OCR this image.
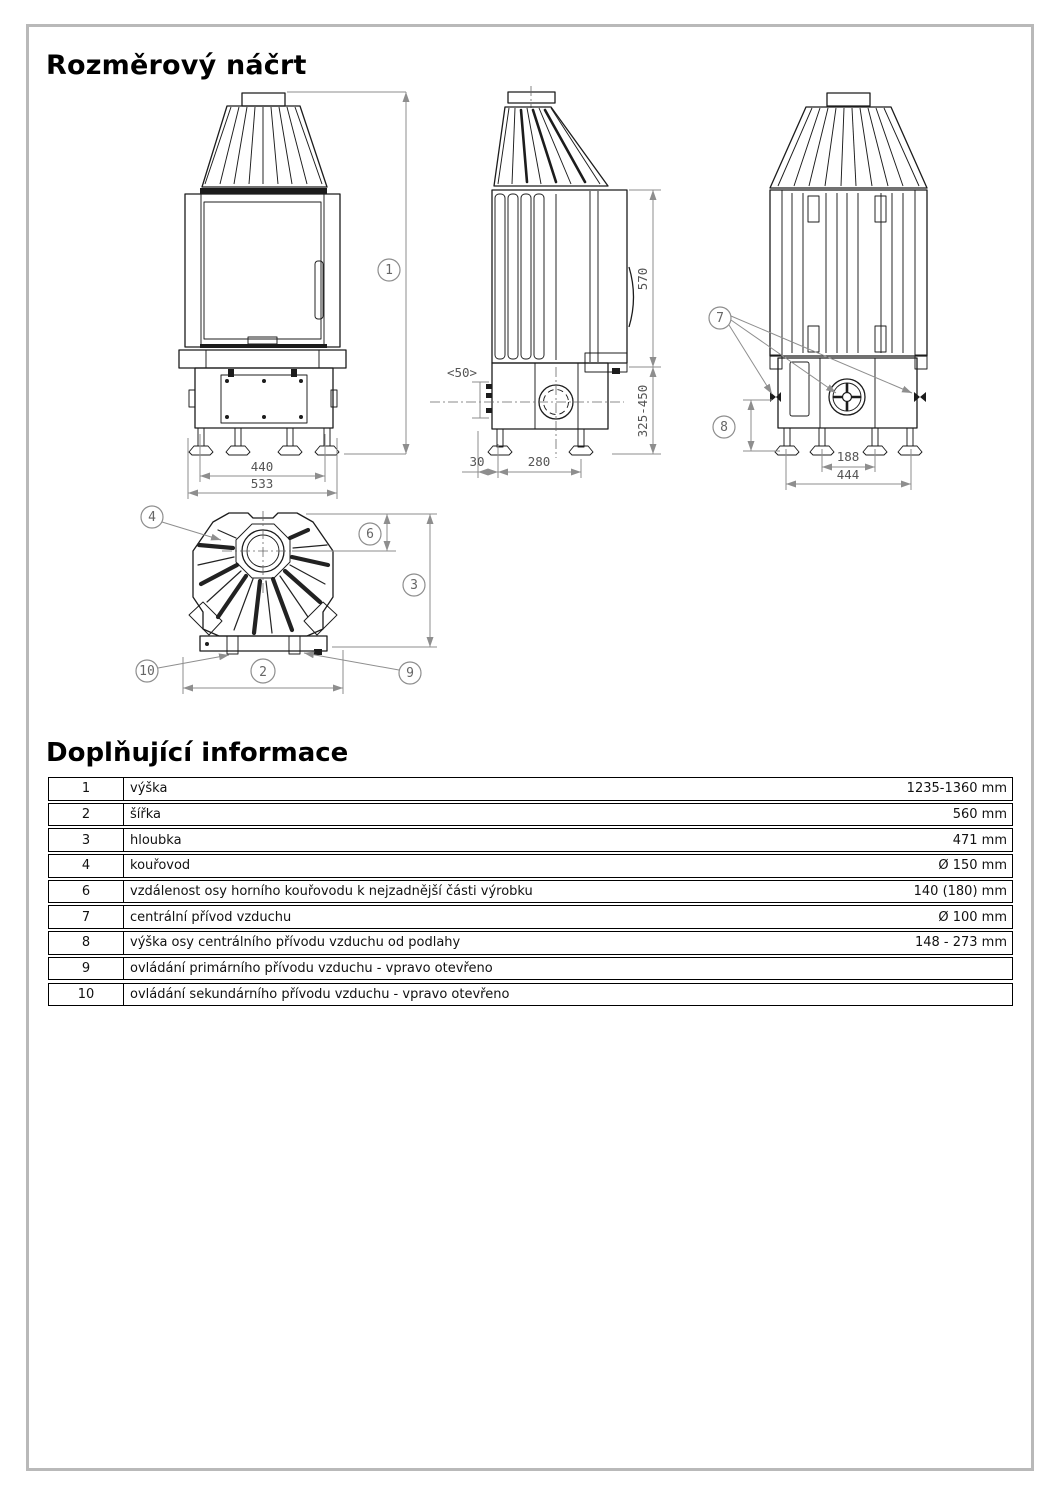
Rozměrový náčrt
440
533
1
<50>
570
325-450
30	280
7
8
188
444
4
6
3
2
10	9
Doplňující informace
1	výška	1235-1360 mm
2	šířka	560 mm
3	hloubka	471 mm
4	kouřovod	Ø 150 mm
6	vzdálenost osy horního kouřovodu k nejzadnější části výrobku	140 (180) mm
7	centrální přívod vzduchu	Ø 100 mm
8	výška osy centrálního přívodu vzduchu od podlahy	148 - 273 mm
9	ovládání primárního přívodu vzduchu - vpravo otevřeno
10	ovládání sekundárního přívodu vzduchu - vpravo otevřeno
